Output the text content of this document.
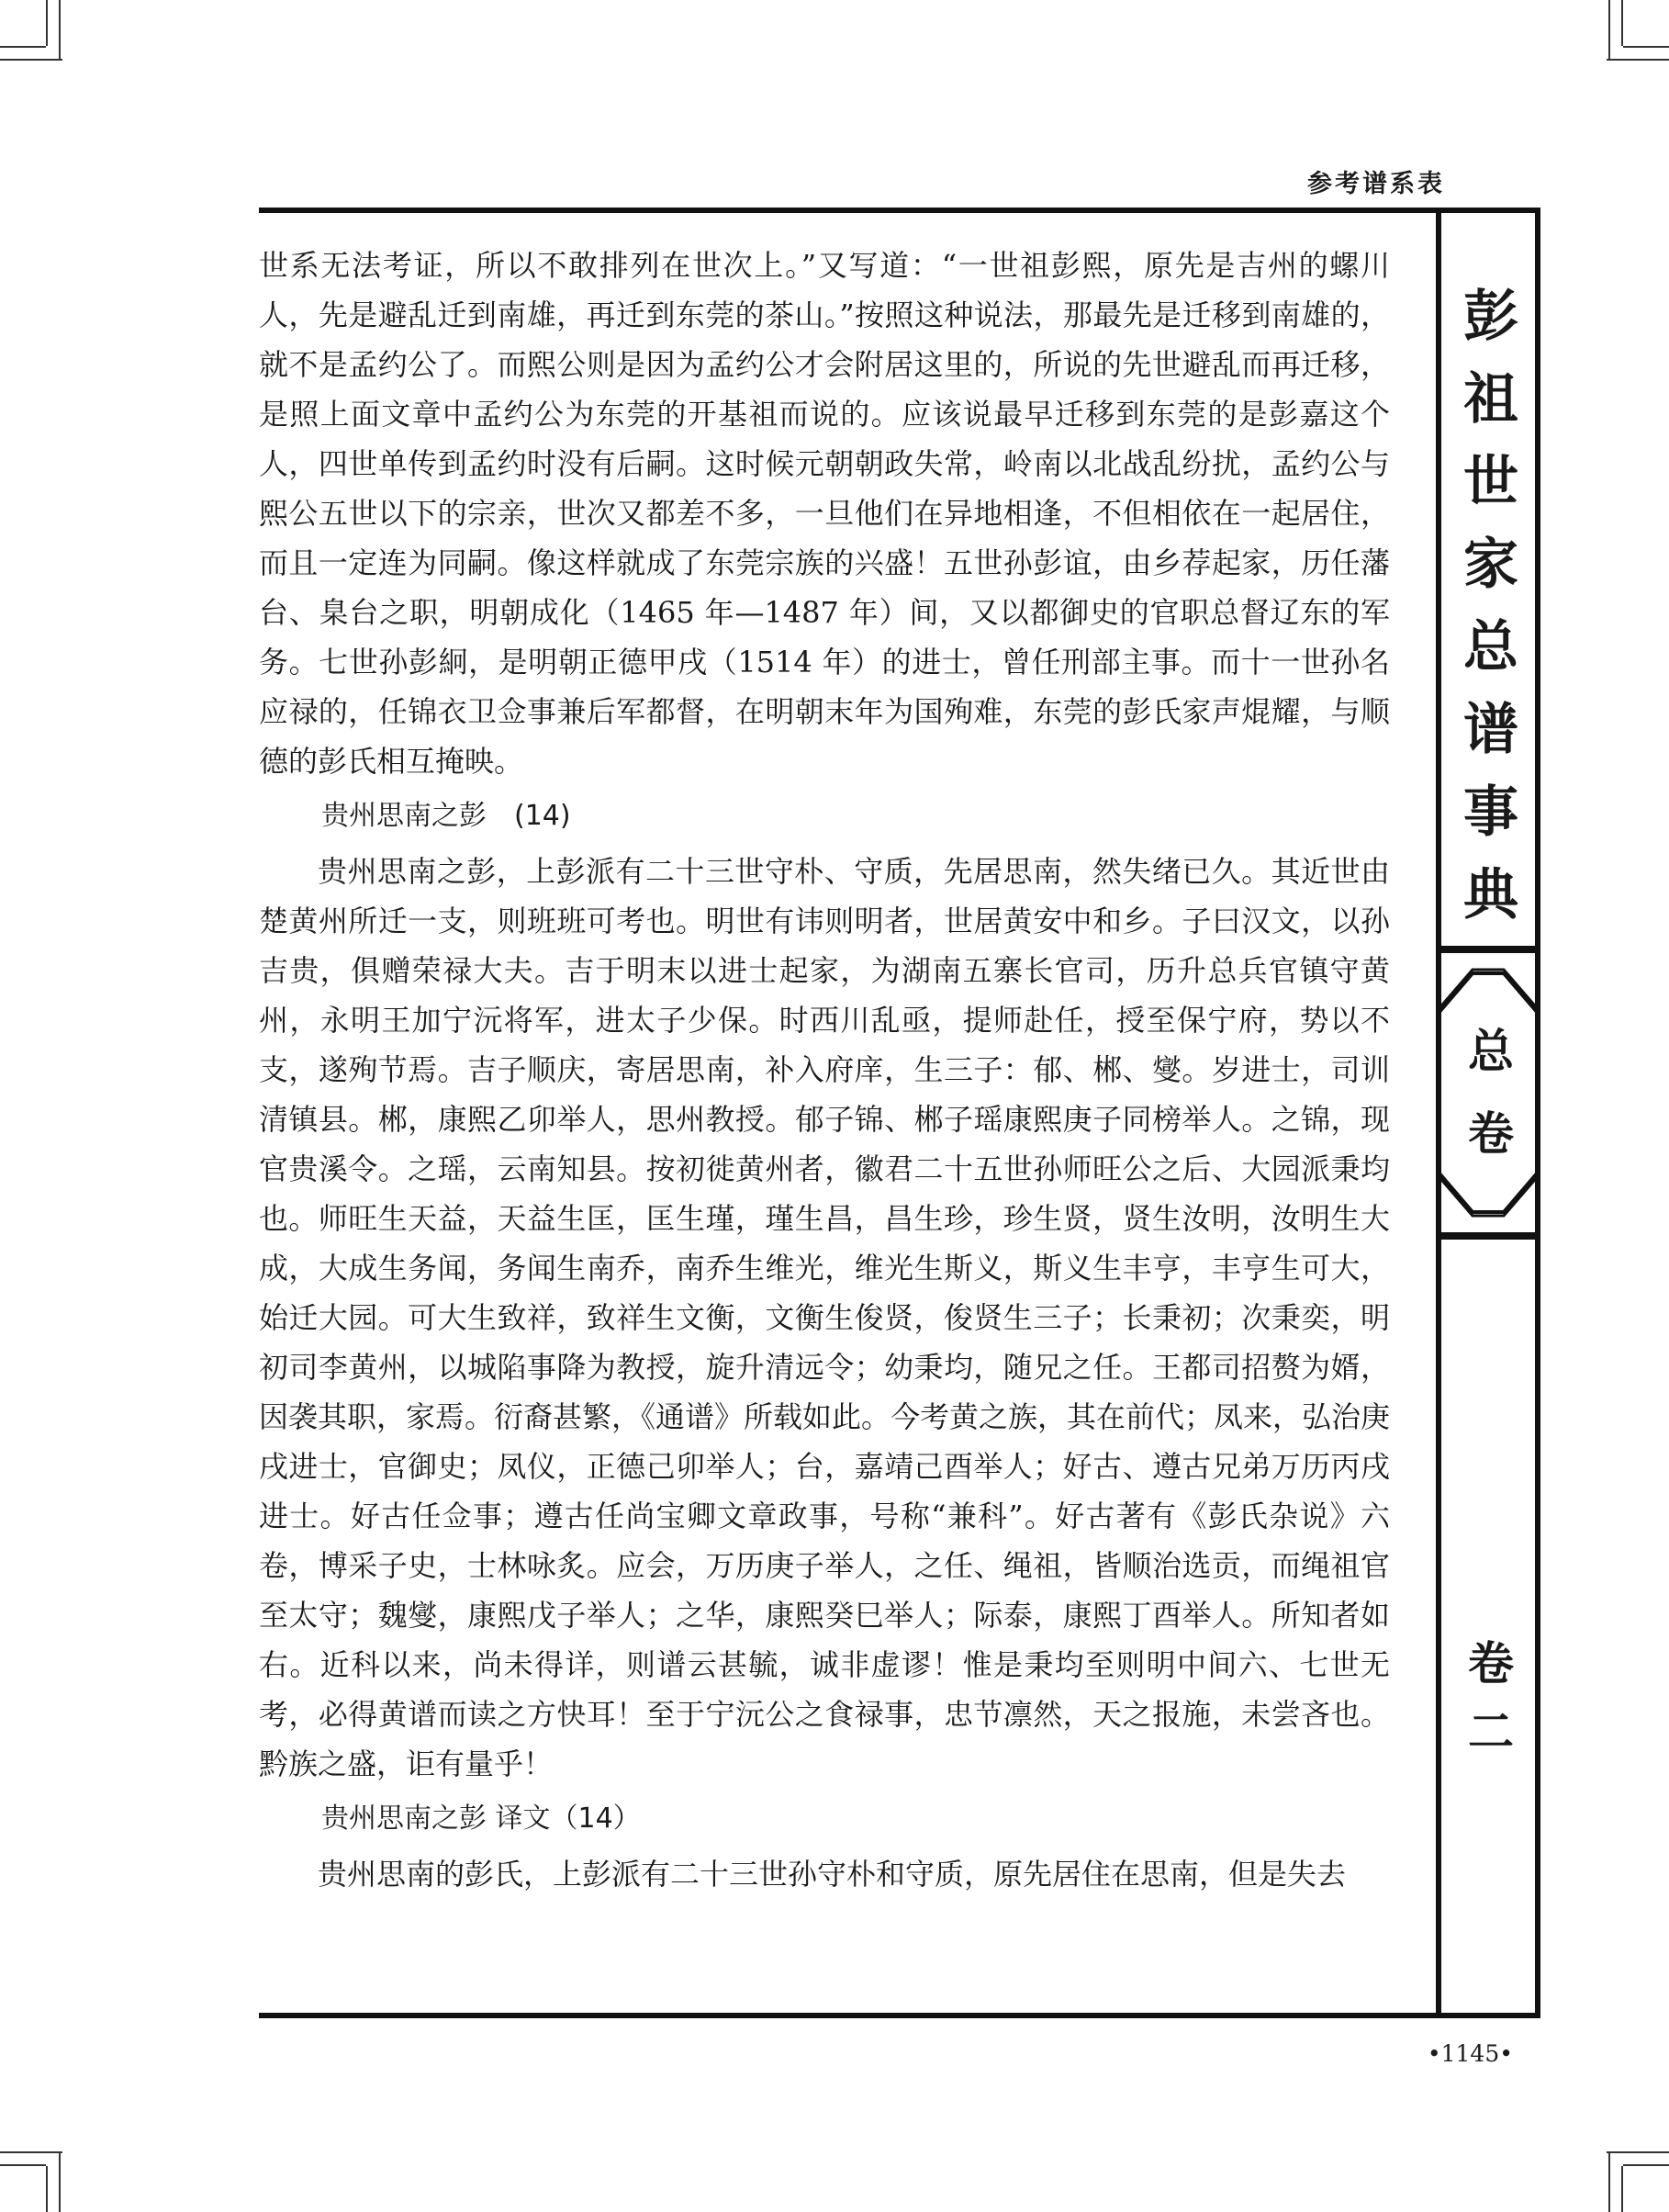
参考谱系表
彭
祖
世
家
总
谱
事
典
总
卷
卷
二

世系无法考证，所以不敢排列在世次上。”又写道：“一世祖彭熙，原先是吉州的螺川人，先是避乱迁到南雄，再迁到东莞的茶山。”按照这种说法，那最先是迁移到南雄的，就不是孟约公了。而熙公则是因为孟约公才会附居这里的，所说的先世避乱而再迁移，是照上面文章中孟约公为东莞的开基祖而说的。应该说最早迁移到东莞的是彭嘉这个人，四世单传到孟约时没有后嗣。这时候元朝朝政失常，岭南以北战乱纷扰，孟约公与熙公五世以下的宗亲，世次又都差不多，一旦他们在异地相逢，不但相依在一起居住，而且一定连为同嗣。像这样就成了东莞宗族的兴盛！五世孙彭谊，由乡荐起家，历任藩台、臬台之职，明朝成化（1465 年—1487 年）间，又以都御史的官职总督辽东的军务。七世孙彭絅，是明朝正德甲戌（1514 年）的进士，曾任刑部主事。而十一世孙名应禄的，任锦衣卫佥事兼后军都督，在明朝末年为国殉难，东莞的彭氏家声焜耀，与顺德的彭氏相互掩映。

贵州思南之彭　(14)

贵州思南之彭，上彭派有二十三世守朴、守质，先居思南，然失绪已久。其近世由楚黄州所迁一支，则班班可考也。明世有讳则明者，世居黄安中和乡。子曰汉文，以孙吉贵，俱赠荣禄大夫。吉于明末以进士起家，为湖南五寨长官司，历升总兵官镇守黄州，永明王加宁沅将军，进太子少保。时西川乱亟，提师赴任，授至保宁府，势以不支，遂殉节焉。吉子顺庆，寄居思南，补入府庠，生三子：郁、郴、燮。岁进士，司训清镇县。郴，康熙乙卯举人，思州教授。郁子锦、郴子瑶康熙庚子同榜举人。之锦，现官贵溪令。之瑶，云南知县。按初徙黄州者，徽君二十五世孙师旺公之后、大园派秉均也。师旺生天益，天益生匡，匡生瑾，瑾生昌，昌生珍，珍生贤，贤生汝明，汝明生大成，大成生务闻，务闻生南乔，南乔生维光，维光生斯义，斯义生丰亨，丰亨生可大，始迁大园。可大生致祥，致祥生文衡，文衡生俊贤，俊贤生三子；长秉初；次秉奕，明初司李黄州，以城陷事降为教授，旋升清远令；幼秉均，随兄之任。王都司招赘为婿，因袭其职，家焉。衍裔甚繁，《通谱》所载如此。今考黄之族，其在前代；凤来，弘治庚戌进士，官御史；凤仪，正德己卯举人；台，嘉靖己酉举人；好古、遵古兄弟万历丙戌进士。好古任佥事；遵古任尚宝卿文章政事，号称“兼科”。好古著有《彭氏杂说》六卷，博采子史，士林咏炙。应会，万历庚子举人，之任、绳祖，皆顺治选贡，而绳祖官至太守；魏燮，康熙戊子举人；之华，康熙癸巳举人；际泰，康熙丁酉举人。所知者如右。近科以来，尚未得详，则谱云甚毓，诚非虚谬！惟是秉均至则明中间六、七世无考，必得黄谱而读之方快耳！至于宁沅公之食禄事，忠节凛然，天之报施，未尝吝也。黔族之盛，讵有量乎！

贵州思南之彭 译文（14）

贵州思南的彭氏，上彭派有二十三世孙守朴和守质，原先居住在思南，但是失去

•1145•
